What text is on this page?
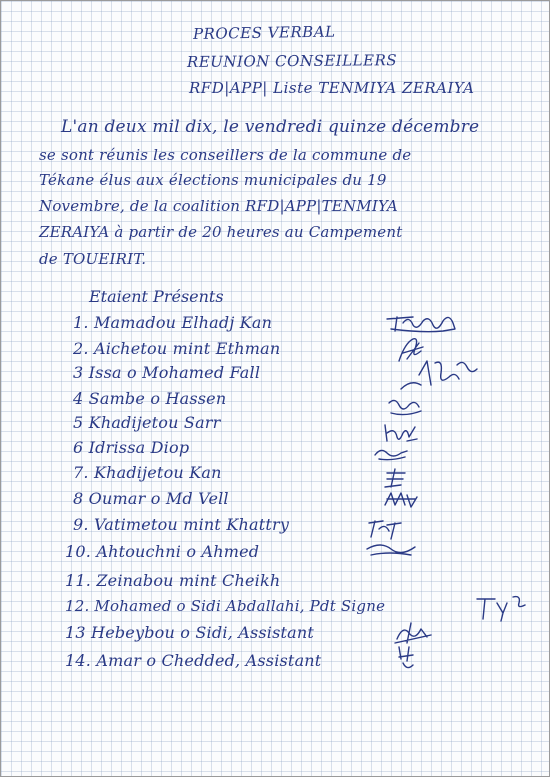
PROCES VERBAL
REUNION CONSEILLERS
RFD|APP| Liste TENMIYA ZERAIYA
L'an deux mil dix, le vendredi quinze décembre
se sont réunis les conseillers de la commune de
Tékane élus aux élections municipales du 19
Novembre, de la coalition RFD|APP|TENMIYA
ZERAIYA à partir de 20 heures au Campement
de TOUEIRIT.
Etaient Présents
1. Mamadou Elhadj Kan
2. Aichetou mint Ethman
3 Issa o Mohamed Fall
4 Sambe o Hassen
5 Khadijetou Sarr
6 Idrissa Diop
7. Khadijetou Kan
8 Oumar o Md Vell
9. Vatimetou mint Khattry
10. Ahtouchni o Ahmed
11. Zeinabou mint Cheikh
12. Mohamed o Sidi Abdallahi, Pdt Signe
13 Hebeybou o Sidi, Assistant
14. Amar o Chedded, Assistant
